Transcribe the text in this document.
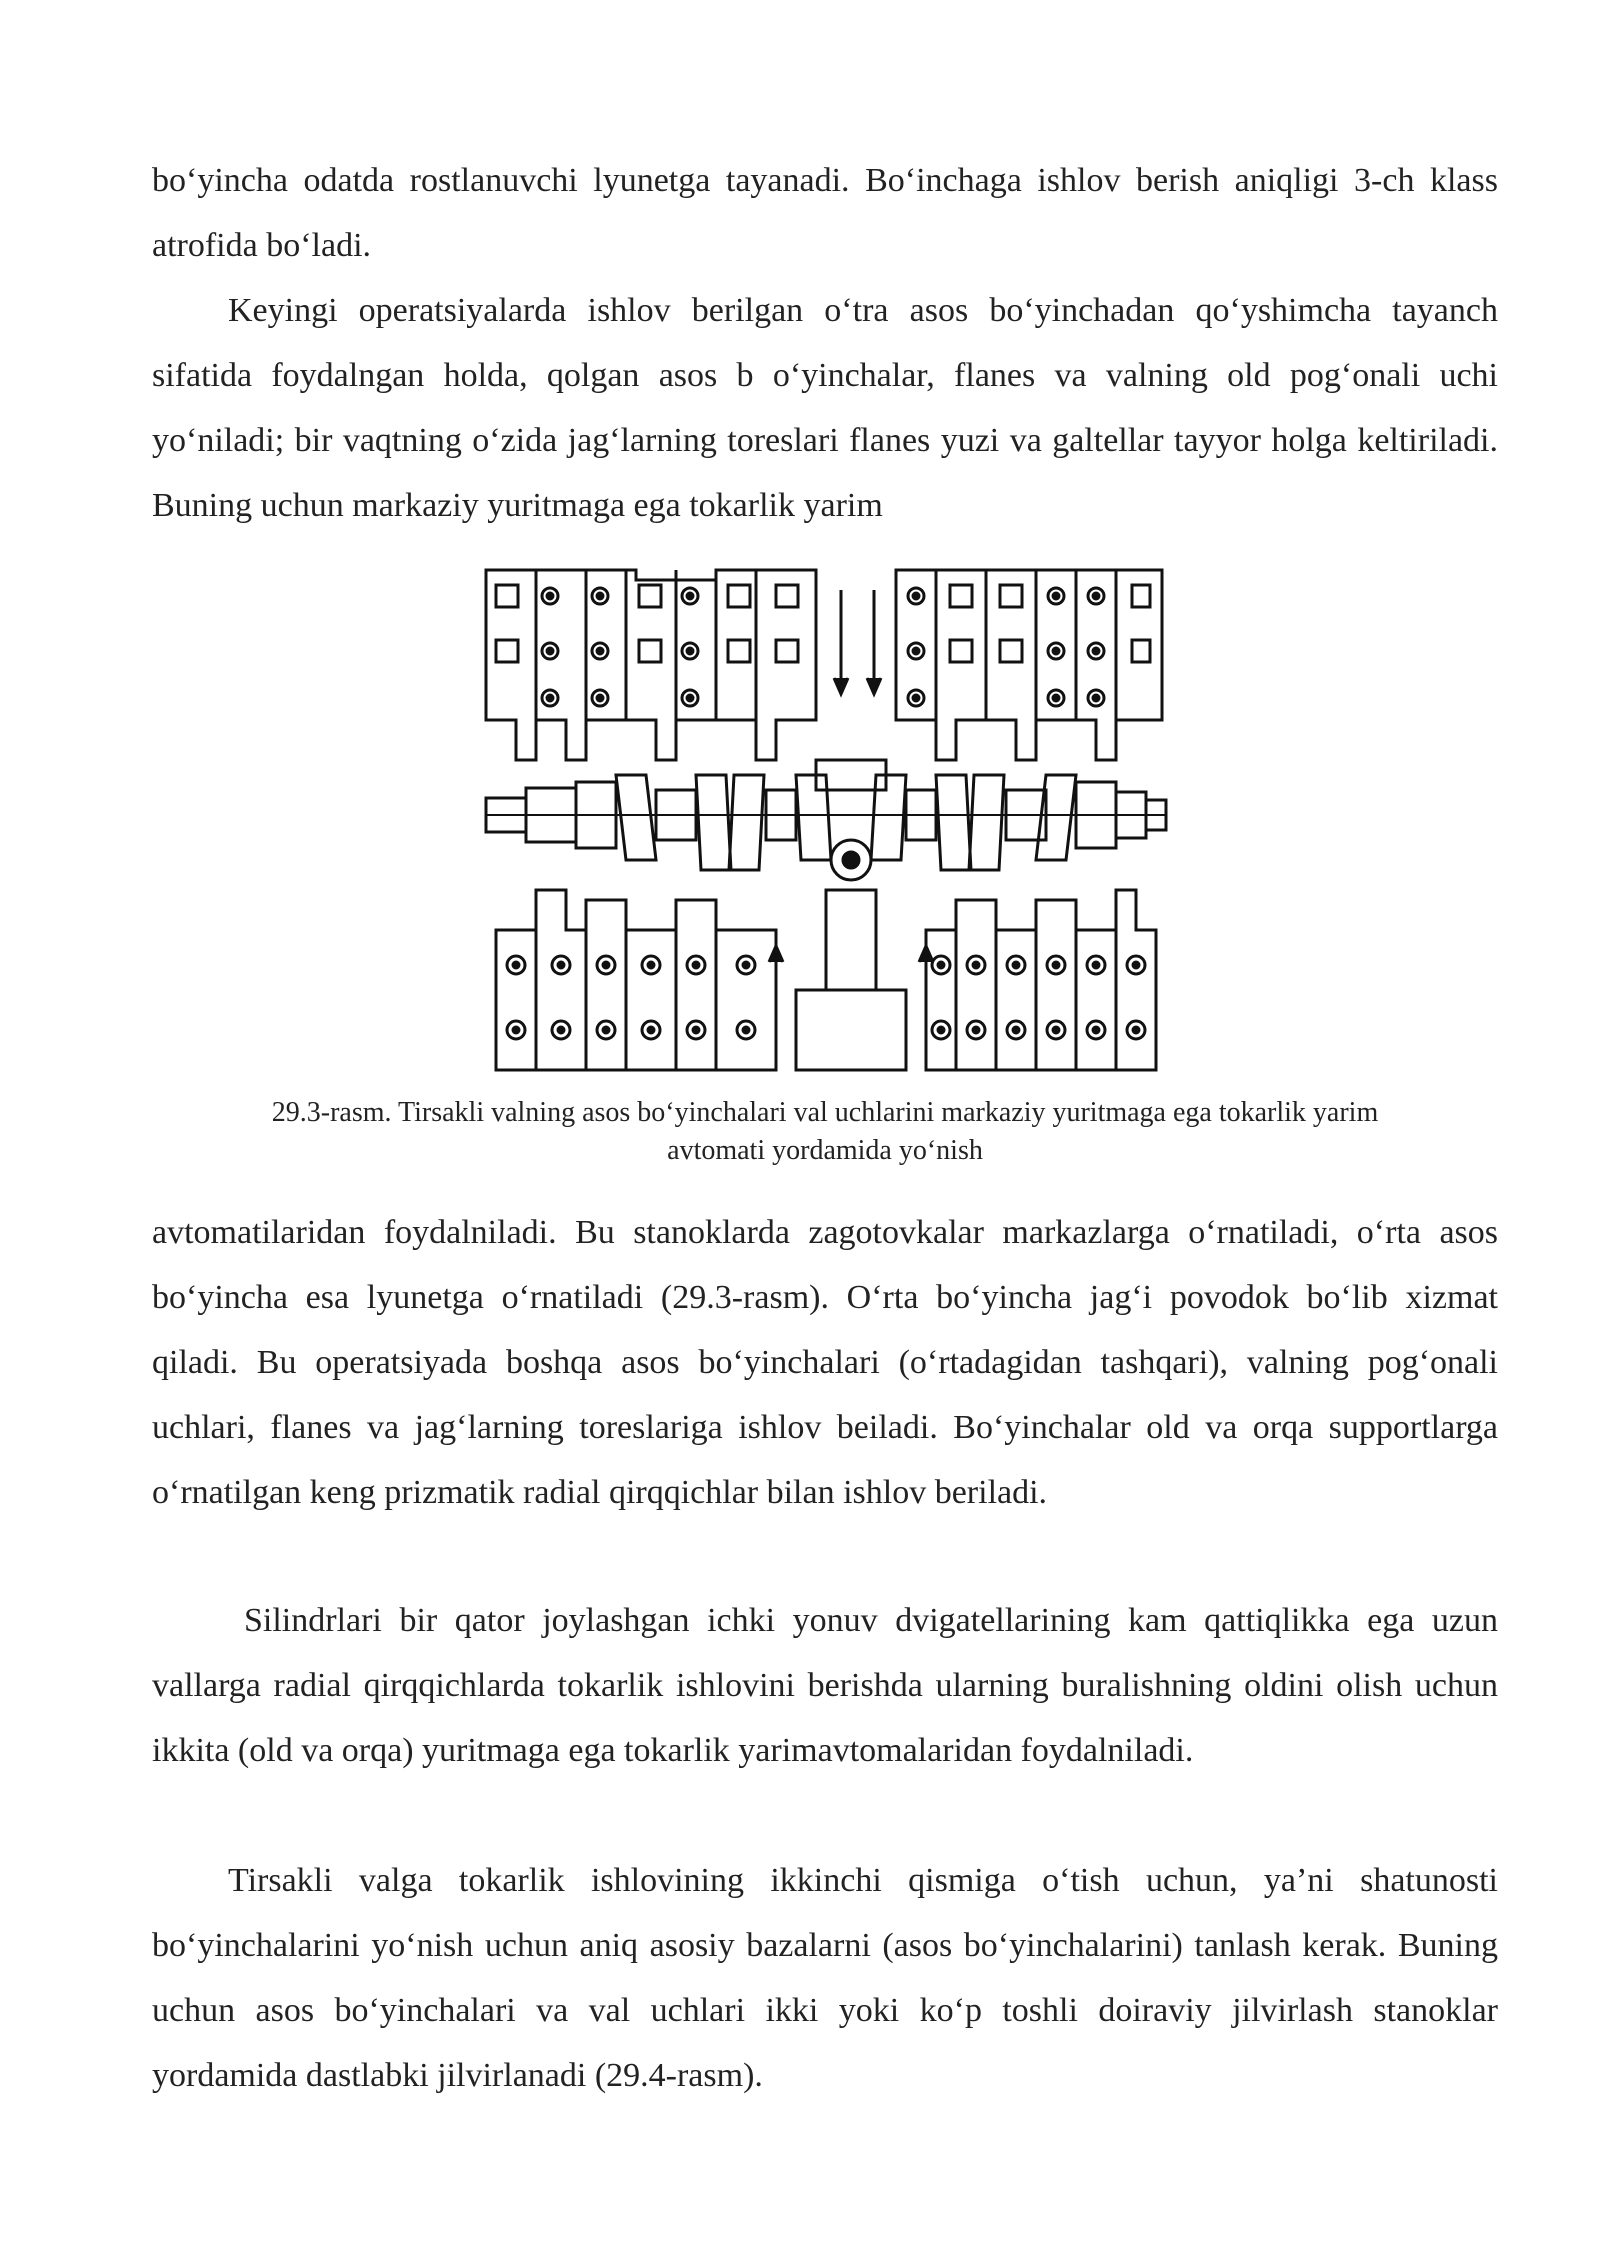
bo‘yincha odatda rostlanuvchi lyunetga tayanadi. Bo‘inchaga ishlov berish aniqligi 3-ch klass atrofida bo‘ladi.

Keyingi operatsiyalarda ishlov berilgan o‘tra asos bo‘yinchadan qo‘yshimcha tayanch sifatida foydalngan holda, qolgan asos b o‘yinchalar, flanes va valning old pog‘onali uchi yo‘niladi; bir vaqtning o‘zida jag‘larning toreslari flanes yuzi va galtellar tayyor holga keltiriladi. Buning uchun markaziy yuritmaga ega tokarlik yarim

29.3-rasm. Tirsakli valning asos bo‘yinchalari val uchlarini markaziy yuritmaga ega tokarlik yarim
avtomati yordamida yo‘nish

avtomatilaridan foydalniladi. Bu stanoklarda zagotovkalar markazlarga o‘rnatiladi, o‘rta asos bo‘yincha esa lyunetga o‘rnatiladi (29.3-rasm). O‘rta bo‘yincha jag‘i povodok bo‘lib xizmat qiladi. Bu operatsiyada boshqa asos bo‘yinchalari (o‘rtadagidan tashqari), valning pog‘onali uchlari, flanes va jag‘larning toreslariga ishlov beiladi. Bo‘yinchalar old va orqa supportlarga o‘rnatilgan keng prizmatik radial qirqqichlar bilan ishlov beriladi.

Silindrlari bir qator joylashgan ichki yonuv dvigatellarining kam qattiqlikka ega uzun vallarga radial qirqqichlarda tokarlik ishlovini berishda ularning buralishning oldini olish uchun ikkita (old va orqa) yuritmaga ega tokarlik yarimavtomalaridan foydalniladi.

Tirsakli valga tokarlik ishlovining ikkinchi qismiga o‘tish uchun, ya’ni shatunosti bo‘yinchalarini yo‘nish uchun aniq asosiy bazalarni (asos bo‘yinchalarini) tanlash kerak. Buning uchun asos bo‘yinchalari va val uchlari ikki yoki ko‘p toshli doiraviy jilvirlash stanoklar yordamida dastlabki jilvirlanadi (29.4-rasm).
